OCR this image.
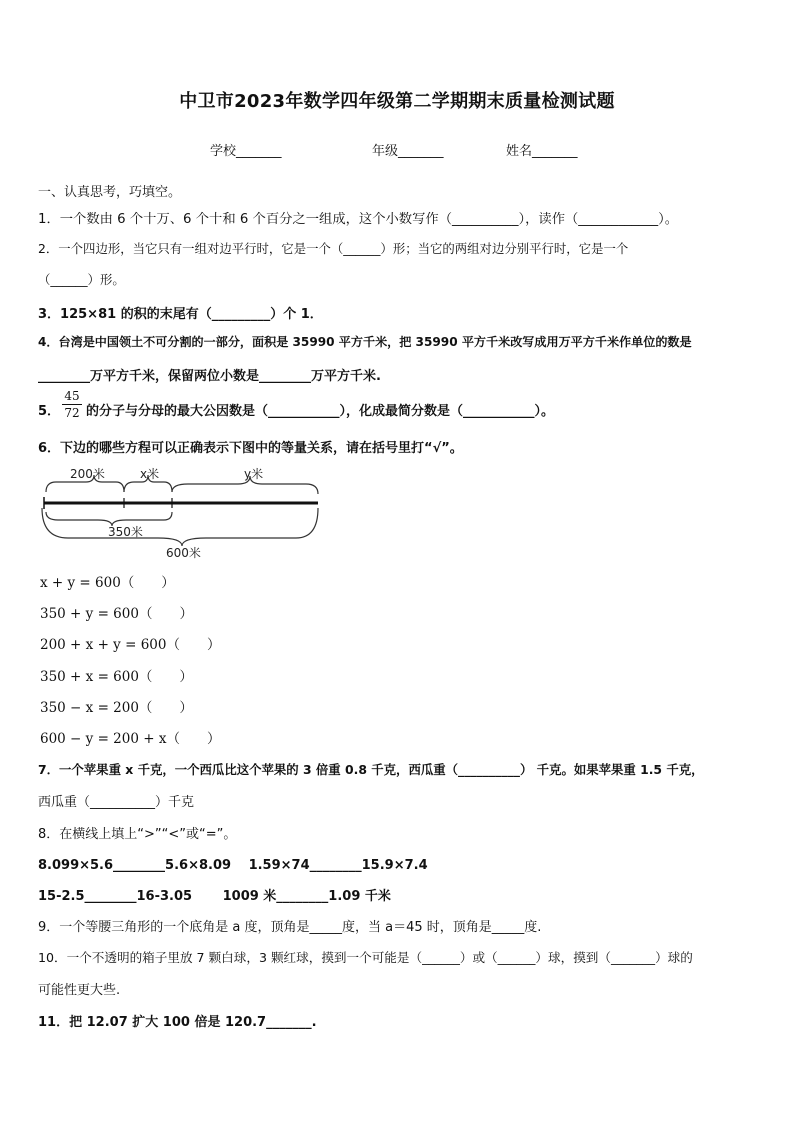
中卫市2023年数学四年级第二学期期末质量检测试题
学校_______	年级_______	姓名_______
一、认真思考，巧填空。
1．一个数由 6 个十万、6 个十和 6 个百分之一组成，这个小数写作（__________），读作（____________）。
2．一个四边形，当它只有一组对边平行时，它是一个（______）形；当它的两组对边分别平行时，它是一个
（______）形。
3．125×81 的积的末尾有（_________）个 1．
4．台湾是中国领土不可分割的一部分，面积是 35990 平方千米，把 35990 平方千米改写成用万平方千米作单位的数是
________万平方千米，保留两位小数是________万平方千米.
5． $\frac{45}{72}$ 的分子与分母的最大公因数是（___________），化成最简分数是（___________）。
6．下边的哪些方程可以正确表示下图中的等量关系，请在括号里打“√”。
200米	x米	y米
350米
600米
x + y = 600（　　）
350 + y = 600（　　）
200 + x + y = 600（　　）
350 + x = 600（　　）
350 − x = 200（　　）
600 − y = 200 + x（　　）
7．一个苹果重 x 千克，一个西瓜比这个苹果的 3 倍重 0.8 千克，西瓜重（__________） 千克。如果苹果重 1.5 千克，
西瓜重（__________）千克
8．在横线上填上“>”“<”或“=”。
8.099×5.6________5.6×8.09　 1.59×74________15.9×7.4
15-2.5________16-3.05　　 1009 米________1.09 千米
9．一个等腰三角形的一个底角是 a 度，顶角是_____度，当 a＝45 时，顶角是_____度.
10．一个不透明的箱子里放 7 颗白球，3 颗红球，摸到一个可能是（______）或（______）球，摸到（_______）球的
可能性更大些.
11．把 12.07 扩大 100 倍是 120.7_______.
